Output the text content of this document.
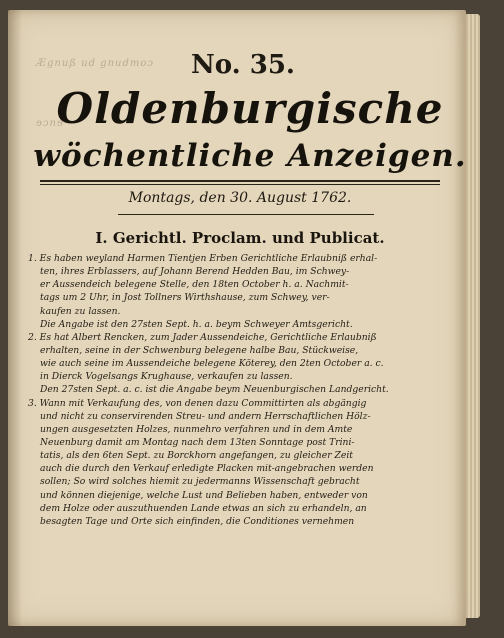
Ægnuß ud gnudmoɔ
ɘɔnɘ
No. 35.
Oldenburgische
wöchentliche Anzeigen.
Montags, den 30. August 1762.
I. Gerichtl. Proclam. und Publicat.
1. Es haben weyland Harmen Tientjen Erben Gerichtliche Erlaubniß erhal-
ten, ihres Erblassers, auf Johann Berend Hedden Bau, im Schwey-
er Aussendeich belegene Stelle, den 18ten October h. a. Nachmit-
tags um 2 Uhr, in Jost Tollners Wirthshause, zum Schwey, ver-
kaufen zu lassen.
Die Angabe ist den 27sten Sept. h. a. beym Schweyer Amtsgericht.
2. Es hat Albert Rencken, zum Jader Aussendeiche, Gerichtliche Erlaubniß
erhalten, seine in der Schwenburg belegene halbe Bau, Stückweise,
wie auch seine im Aussendeiche belegene Köterey, den 2ten October a. c.
in Dierck Vogelsangs Krughause, verkaufen zu lassen.
Den 27sten Sept. a. c. ist die Angabe beym Neuenburgischen Landgericht.
3. Wann mit Verkaufung des, von denen dazu Committirten als abgängig
und nicht zu conservirenden Streu- und andern Herrschaftlichen Hölz-
ungen ausgesetzten Holzes, nunmehro verfahren und in dem Amte
Neuenburg damit am Montag nach dem 13ten Sonntage post Trini-
tatis, als den 6ten Sept. zu Borckhorn angefangen, zu gleicher Zeit
auch die durch den Verkauf erledigte Placken mit-angebrachen werden
sollen; So wird solches hiemit zu jedermanns Wissenschaft gebracht
und können diejenige, welche Lust und Belieben haben, entweder von
dem Holze oder auszuthuenden Lande etwas an sich zu erhandeln, an
besagten Tage und Orte sich einfinden, die Conditiones vernehmen
